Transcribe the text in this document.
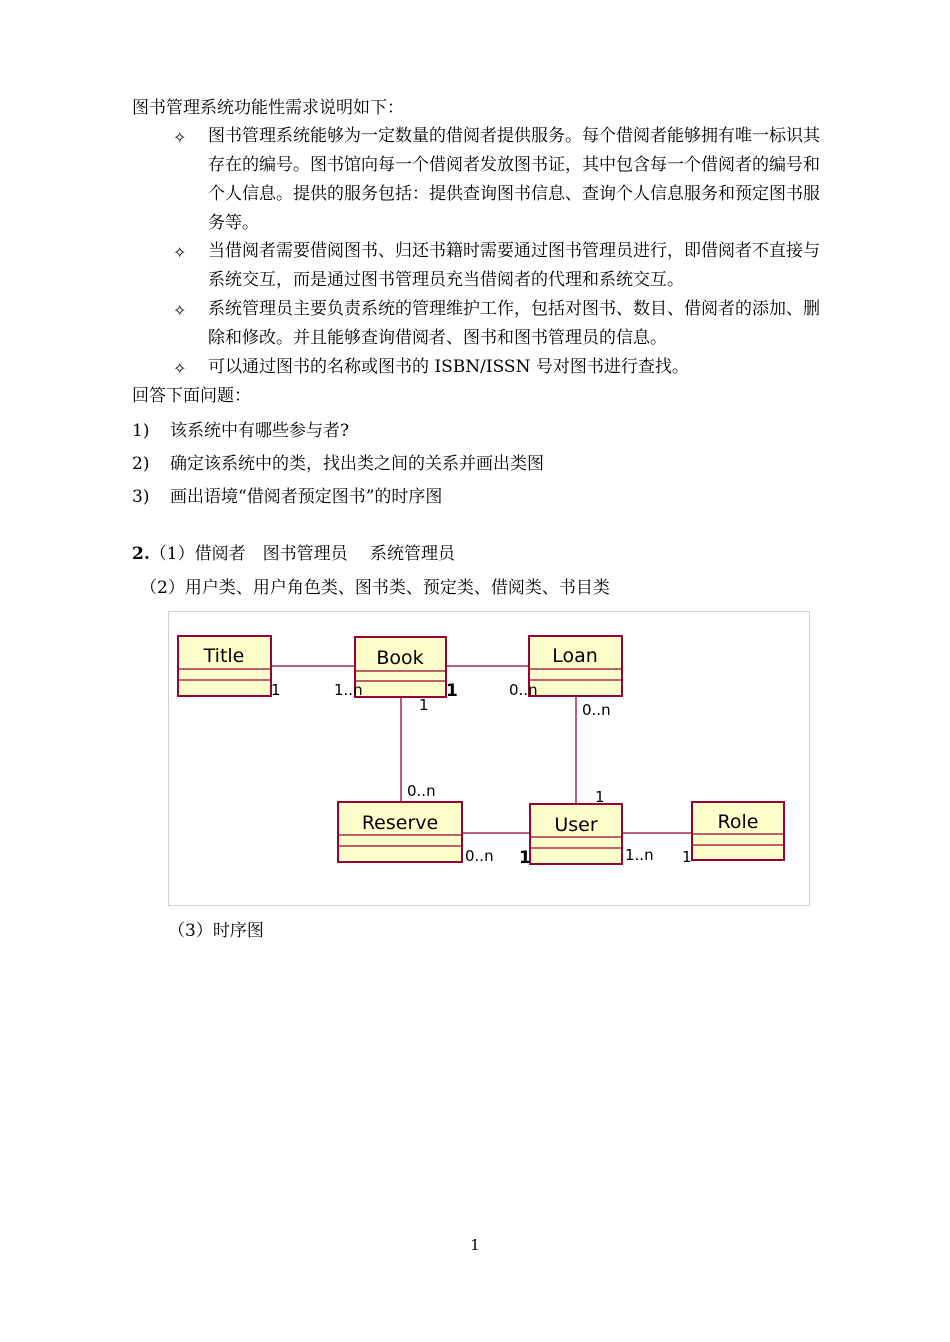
图书管理系统功能性需求说明如下：
✧	图书管理系统能够为一定数量的借阅者提供服务。每个借阅者能够拥有唯一标识其存在的编号。图书馆向每一个借阅者发放图书证，其中包含每一个借阅者的编号和个人信息。提供的服务包括：提供查询图书信息、查询个人信息服务和预定图书服务等。
✧	当借阅者需要借阅图书、归还书籍时需要通过图书管理员进行，即借阅者不直接与系统交互，而是通过图书管理员充当借阅者的代理和系统交互。
✧	系统管理员主要负责系统的管理维护工作，包括对图书、数目、借阅者的添加、删除和修改。并且能够查询借阅者、图书和图书管理员的信息。
✧	可以通过图书的名称或图书的 ISBN/ISSN 号对图书进行查找。
回答下面问题：
1) 该系统中有哪些参与者?
2) 确定该系统中的类，找出类之间的关系并画出类图
3) 画出语境“借阅者预定图书”的时序图
2.（1）借阅者　图书管理员　 系统管理员
（2）用户类、用户角色类、图书类、预定类、借阅类、书目类
Title	Book	Loan
Reserve	User	Role
1	1..n	1	0..n
1
0..n
0..n
1
0..n 1	1..n 1
（3）时序图
1
